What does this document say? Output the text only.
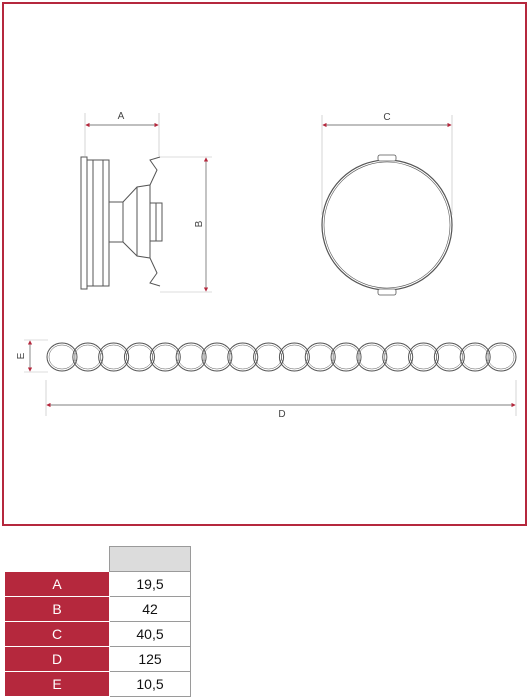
A
B
C
E
D

A	19,5
B	42
C	40,5
D	125
E	10,5
